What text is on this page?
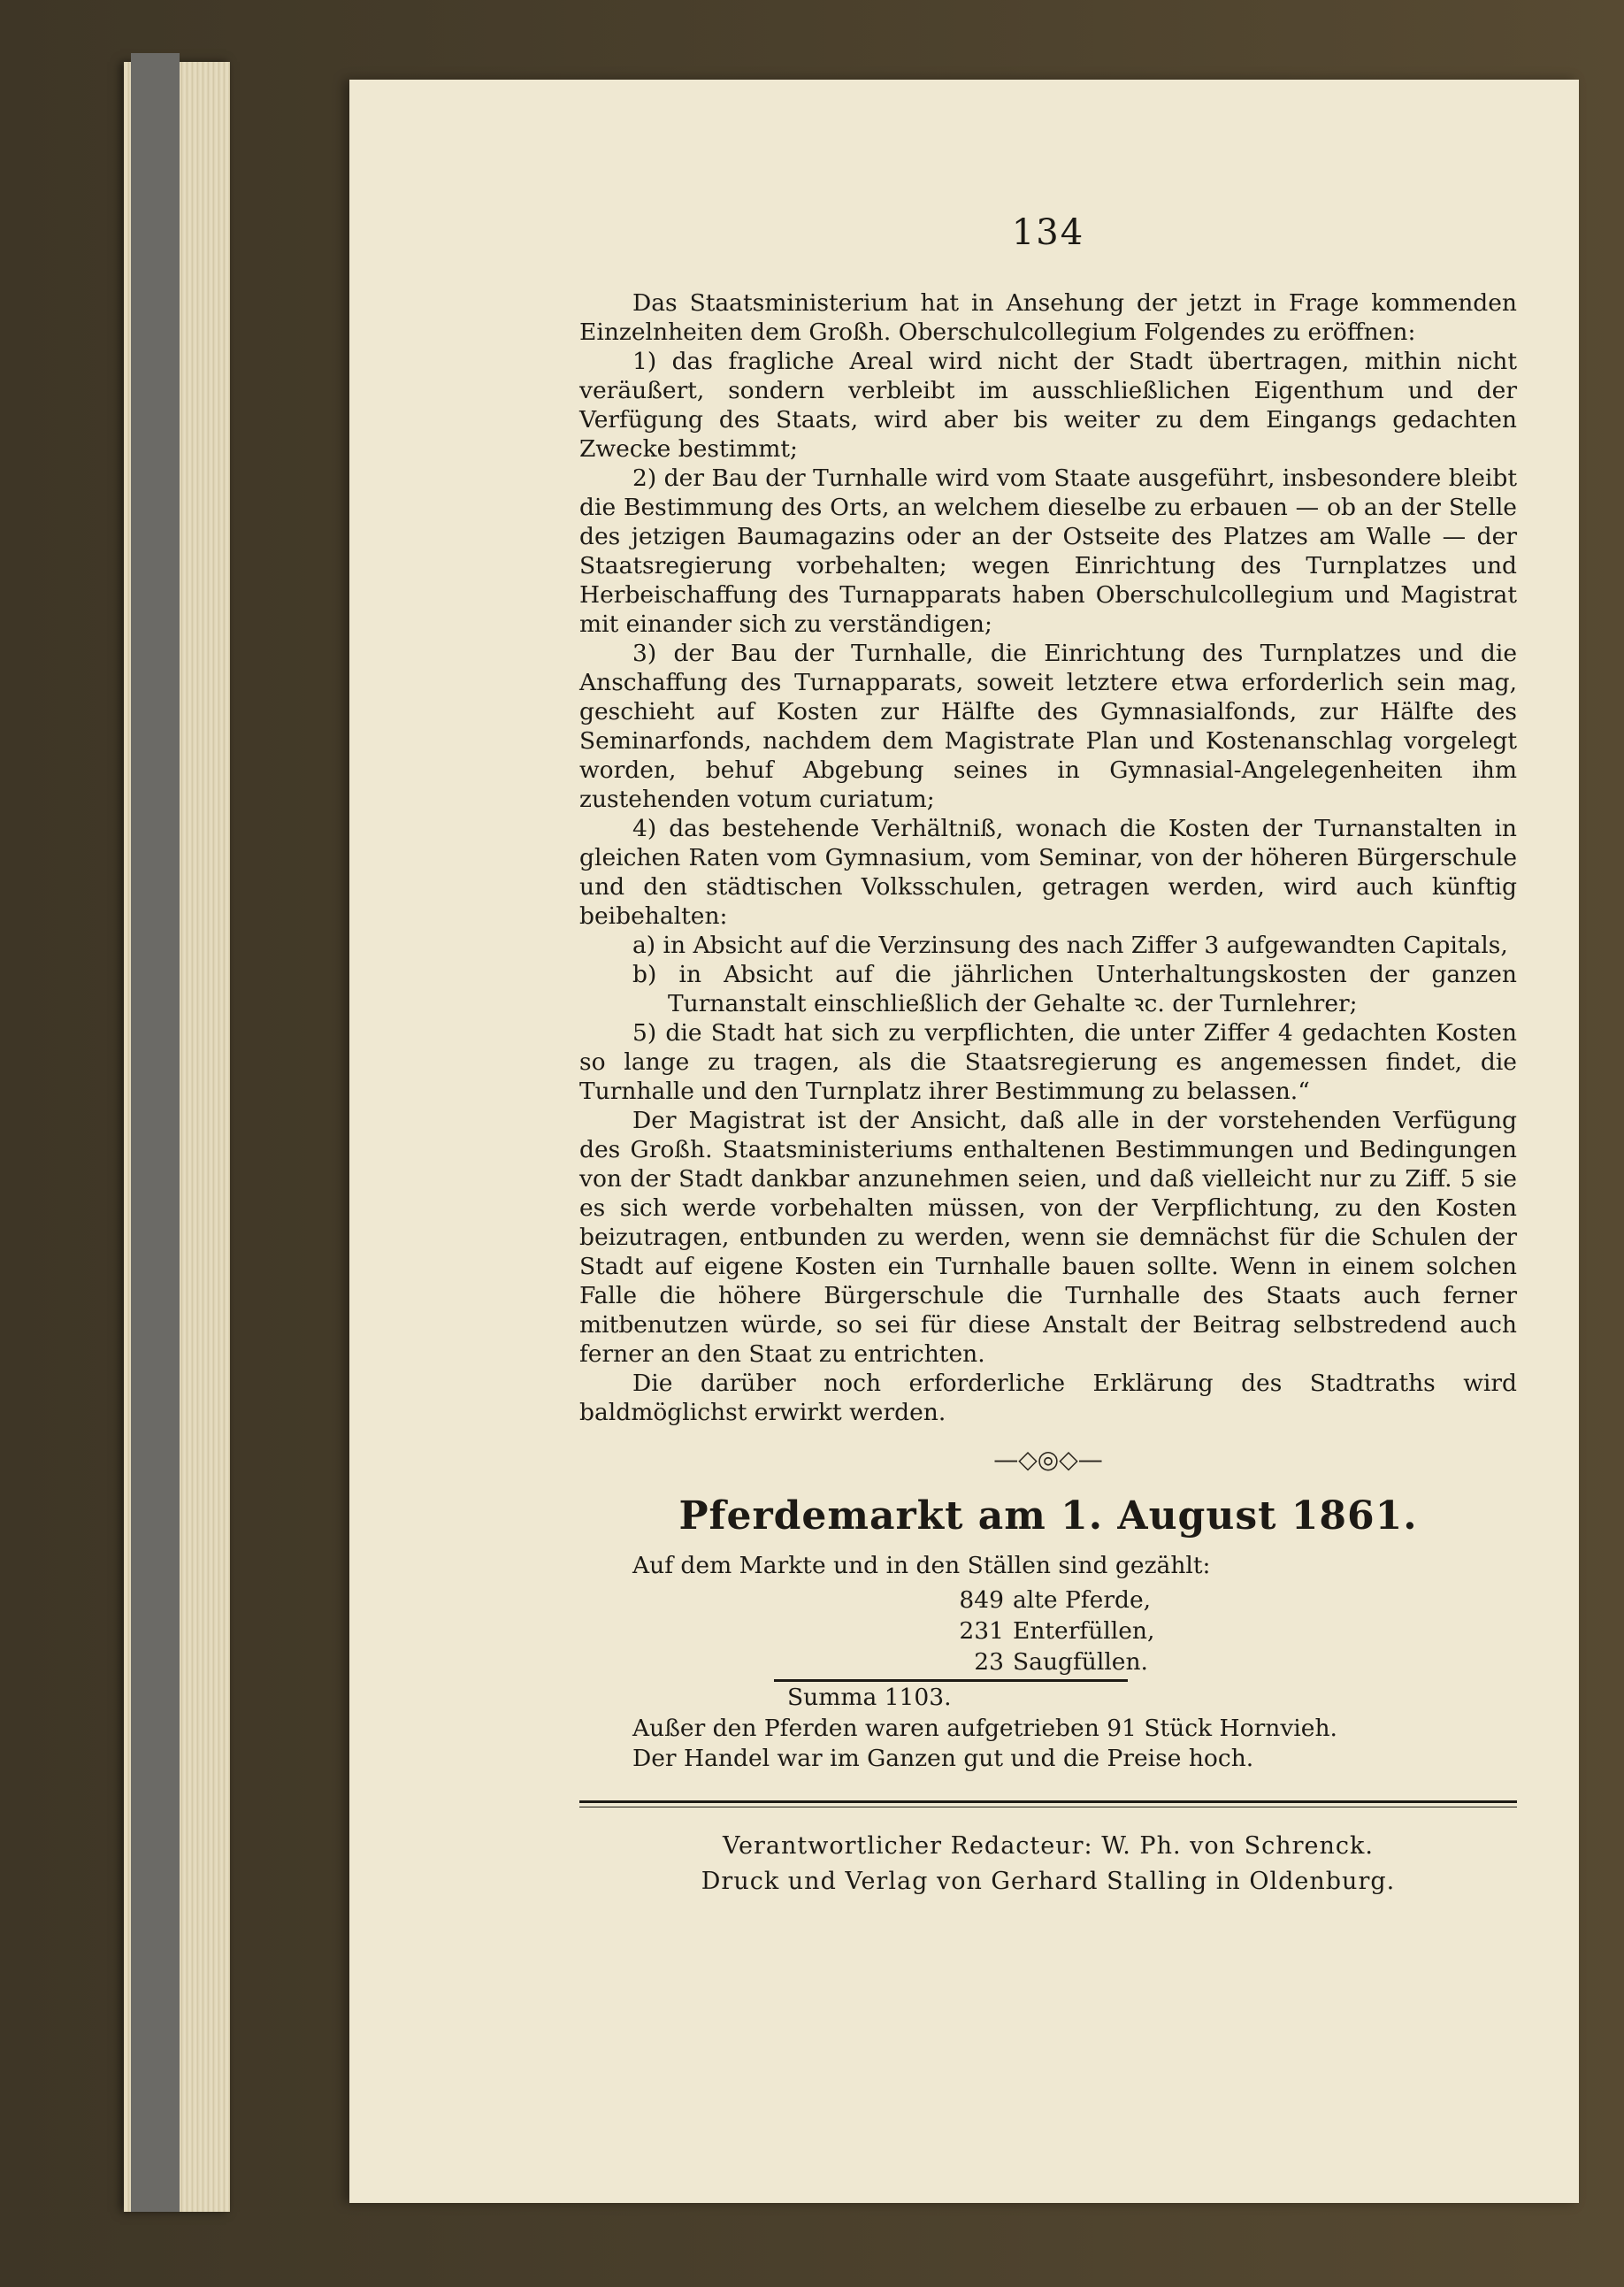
134

Das Staatsministerium hat in Ansehung der jetzt in Frage kommenden Einzelnheiten dem Großh. Oberschulcollegium Folgendes zu eröffnen:

1) das fragliche Areal wird nicht der Stadt übertragen, mithin nicht veräußert, sondern verbleibt im ausschließlichen Eigenthum und der Verfügung des Staats, wird aber bis weiter zu dem Eingangs gedachten Zwecke bestimmt;

2) der Bau der Turnhalle wird vom Staate ausgeführt, insbesondere bleibt die Bestimmung des Orts, an welchem dieselbe zu erbauen — ob an der Stelle des jetzigen Baumagazins oder an der Ostseite des Platzes am Walle — der Staatsregierung vorbehalten; wegen Einrichtung des Turnplatzes und Herbeischaffung des Turnapparats haben Oberschulcollegium und Magistrat mit einander sich zu verständigen;

3) der Bau der Turnhalle, die Einrichtung des Turnplatzes und die Anschaffung des Turnapparats, soweit letztere etwa erforderlich sein mag, geschieht auf Kosten zur Hälfte des Gymnasialfonds, zur Hälfte des Seminarfonds, nachdem dem Magistrate Plan und Kostenanschlag vorgelegt worden, behuf Abgebung seines in Gymnasial-Angelegenheiten ihm zustehenden votum curiatum;

4) das bestehende Verhältniß, wonach die Kosten der Turnanstalten in gleichen Raten vom Gymnasium, vom Seminar, von der höheren Bürgerschule und den städtischen Volksschulen, getragen werden, wird auch künftig beibehalten:

a) in Absicht auf die Verzinsung des nach Ziffer 3 aufgewandten Capitals,

b) in Absicht auf die jährlichen Unterhaltungskosten der ganzen Turnanstalt einschließlich der Gehalte ꝛc. der Turnlehrer;

5) die Stadt hat sich zu verpflichten, die unter Ziffer 4 gedachten Kosten so lange zu tragen, als die Staatsregierung es angemessen findet, die Turnhalle und den Turnplatz ihrer Bestimmung zu belassen.“

Der Magistrat ist der Ansicht, daß alle in der vorstehenden Verfügung des Großh. Staatsministeriums enthaltenen Bestimmungen und Bedingungen von der Stadt dankbar anzunehmen seien, und daß vielleicht nur zu Ziff. 5 sie es sich werde vorbehalten müssen, von der Verpflichtung, zu den Kosten beizutragen, entbunden zu werden, wenn sie demnächst für die Schulen der Stadt auf eigene Kosten ein Turnhalle bauen sollte. Wenn in einem solchen Falle die höhere Bürgerschule die Turnhalle des Staats auch ferner mitbenutzen würde, so sei für diese Anstalt der Beitrag selbstredend auch ferner an den Staat zu entrichten.

Die darüber noch erforderliche Erklärung des Stadtraths wird baldmöglichst erwirkt werden.

—◇◎◇—
Pferdemarkt am 1. August 1861.

Auf dem Markte und in den Ställen sind gezählt:

849 alte Pferde,
231 Enterfüllen,
23 Saugfüllen.
Summa 1103.

Außer den Pferden waren aufgetrieben 91 Stück Hornvieh.

Der Handel war im Ganzen gut und die Preise hoch.

Verantwortlicher Redacteur: W. Ph. von Schrenck.

Druck und Verlag von Gerhard Stalling in Oldenburg.
